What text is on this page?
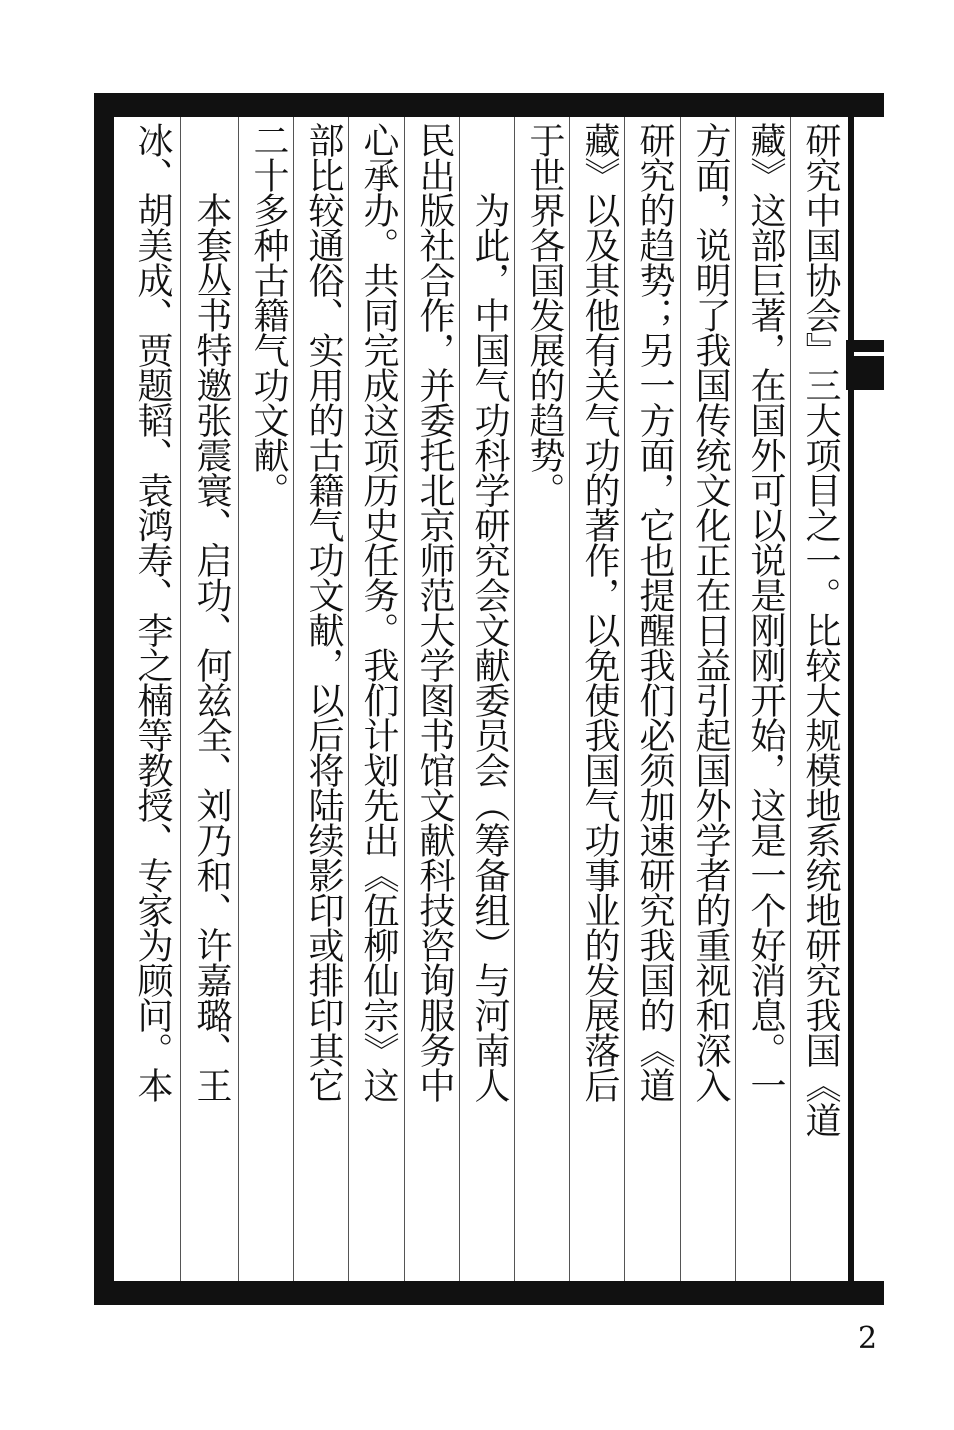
研究中国协会』三大项目之一。比较大规模地系统地研究我国《道
藏》这部巨著，在国外可以说是刚刚开始，这是一个好消息。一
方面，说明了我国传统文化正在日益引起国外学者的重视和深入
研究的趋势；另一方面，它也提醒我们必须加速研究我国的《道
藏》以及其他有关气功的著作，以免使我国气功事业的发展落后
于世界各国发展的趋势。
　　为此，中国气功科学研究会文献委员会（筹备组）与河南人
民出版社合作，并委托北京师范大学图书馆文献科技咨询服务中
心承办。共同完成这项历史任务。我们计划先出《伍柳仙宗》这
部比较通俗、实用的古籍气功文献，以后将陆续影印或排印其它
二十多种古籍气功文献。
　　本套丛书特邀张震寰、启功、何兹全、刘乃和、许嘉璐、王
冰、胡美成、贾题韬、袁鸿寿、李之楠等教授、专家为顾问。本
2
